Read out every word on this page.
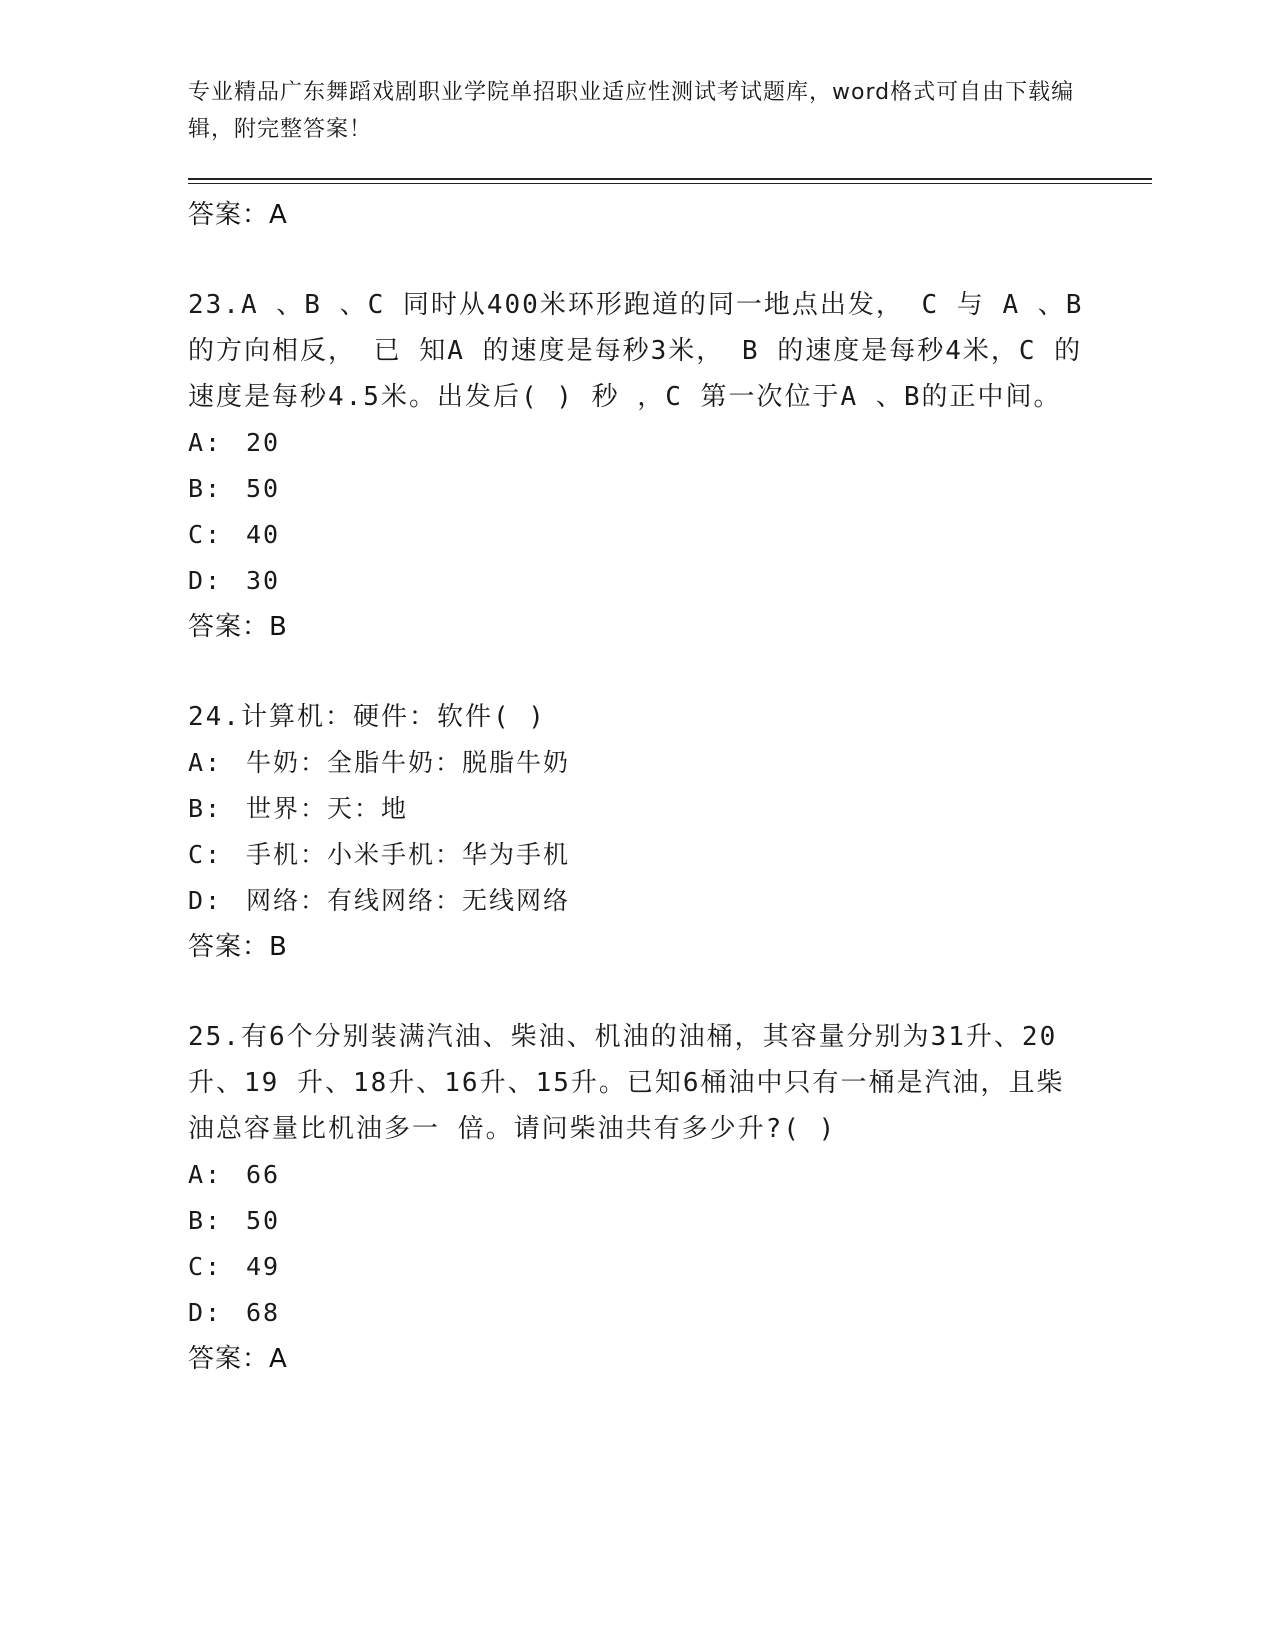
专业精品广东舞蹈戏剧职业学院单招职业适应性测试考试题库，word格式可自由下载编辑，附完整答案！
答案：A
23.A 、B 、C 同时从400米环形跑道的同一地点出发， C 与 A 、B 的方向相反， 已 知A 的速度是每秒3米， B 的速度是每秒4米，C 的速度是每秒4.5米。出发后( ) 秒 ，C 第一次位于A 、B的正中间。
A: 20
B: 50
C: 40
D: 30
答案：B
24.计算机：硬件：软件( )
A: 牛奶：全脂牛奶：脱脂牛奶
B: 世界：天：地
C: 手机：小米手机：华为手机
D: 网络：有线网络：无线网络
答案：B
25.有6个分别装满汽油、柴油、机油的油桶，其容量分别为31升、20升、19 升、18升、16升、15升。已知6桶油中只有一桶是汽油，且柴油总容量比机油多一 倍。请问柴油共有多少升?( )
A: 66
B: 50
C: 49
D: 68
答案：A
